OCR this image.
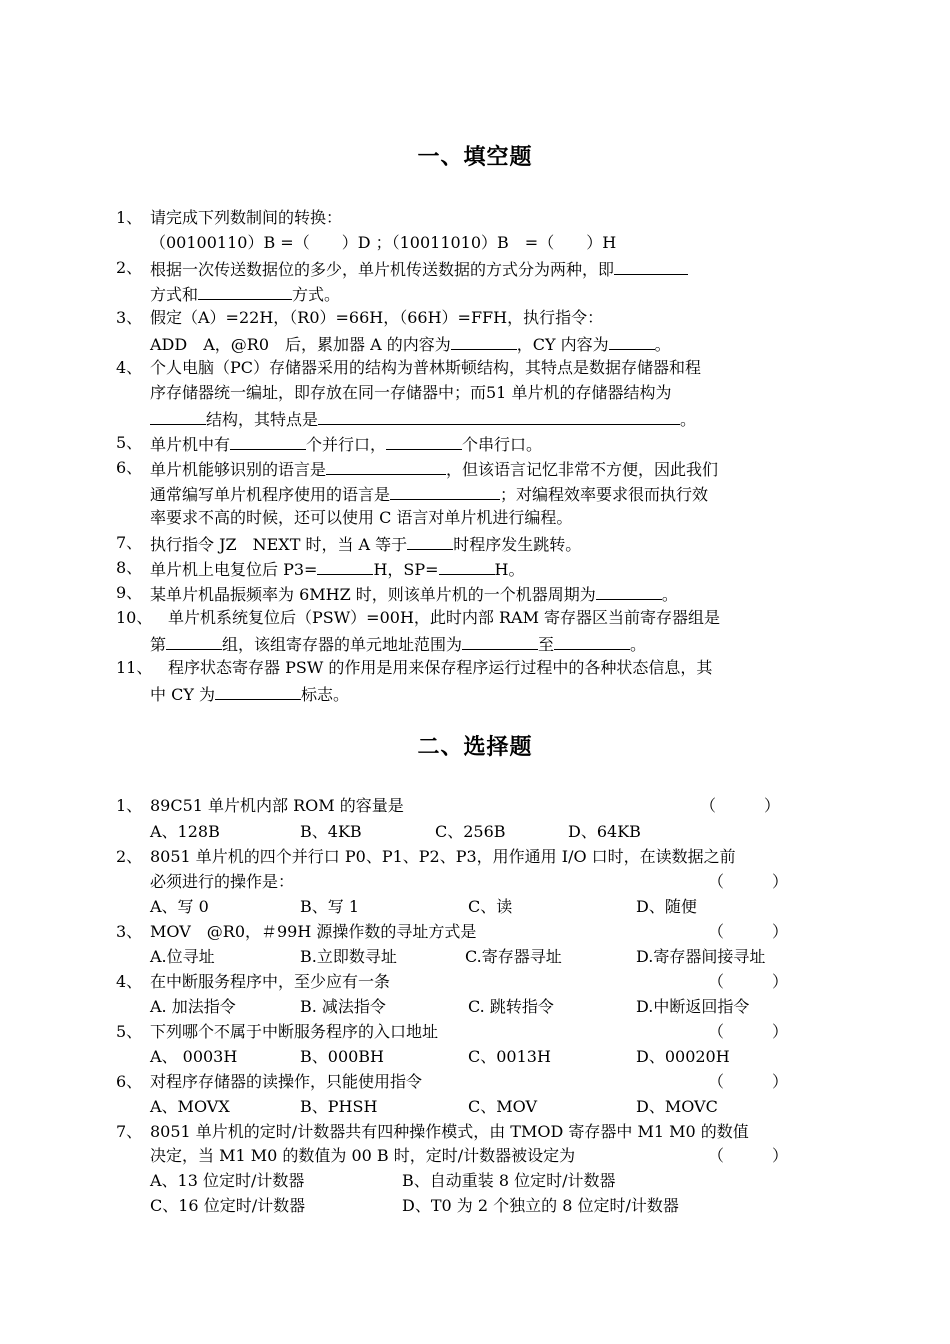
一、填空题
1、 请完成下列数制间的转换：
（00100110）B =（　　）D ；（10011010）B　=（　　）H
2、 根据一次传送数据位的多少，单片机传送数据的方式分为两种，即
方式和	方式。
3、 假定（A）=22H，（R0）=66H，（66H）=FFH，执行指令：
ADD　A，@R0　后，累加器 A 的内容为	，CY 内容为	。
4、 个人电脑（PC）存储器采用的结构为普林斯顿结构，其特点是数据存储器和程
序存储器统一编址，即存放在同一存储器中；而51 单片机的存储器结构为
结构，其特点是	。
5、 单片机中有	个并行口，	个串行口。
6、 单片机能够识别的语言是	，但该语言记忆非常不方便，因此我们
通常编写单片机程序使用的语言是	；对编程效率要求很而执行效
率要求不高的时候，还可以使用 C 语言对单片机进行编程。
7、 执行指令 JZ　NEXT 时，当 A 等于	时程序发生跳转。
8、 单片机上电复位后 P3=	H，SP=	H。
9、 某单片机晶振频率为 6MHZ 时，则该单片机的一个机器周期为	。
10、 单片机系统复位后（PSW）=00H，此时内部 RAM 寄存器区当前寄存器组是
第	组，该组寄存器的单元地址范围为	至	。
11、 程序状态寄存器 PSW 的作用是用来保存程序运行过程中的各种状态信息，其
中 CY 为	标志。
二、选择题
1、 89C51 单片机内部 ROM 的容量是	（　　　）
A、128B	B、4KB	C、256B	D、64KB
2、 8051 单片机的四个并行口 P0、P1、P2、P3，用作通用 I/O 口时，在读数据之前
必须进行的操作是：	（　　　）
A、写 0	B、写 1	C、读	D、随便
3、 MOV　@R0，＃99H 源操作数的寻址方式是	（　　　）
A.位寻址	B.立即数寻址	C.寄存器寻址	D.寄存器间接寻址
4、 在中断服务程序中，至少应有一条	（　　　）
A. 加法指令	B. 减法指令	C. 跳转指令	D.中断返回指令
5、 下列哪个不属于中断服务程序的入口地址	（　　　）
A、 0003H	B、000BH	C、0013H	D、00020H
6、 对程序存储器的读操作，只能使用指令	（　　　）
A、MOVX	B、PHSH	C、MOV	D、MOVC
7、 8051 单片机的定时/计数器共有四种操作模式，由 TMOD 寄存器中 M1 M0 的数值
决定，当 M1 M0 的数值为 00 B 时，定时/计数器被设定为	（　　　）
A、13 位定时/计数器	B、自动重装 8 位定时/计数器
C、16 位定时/计数器	D、T0 为 2 个独立的 8 位定时/计数器
